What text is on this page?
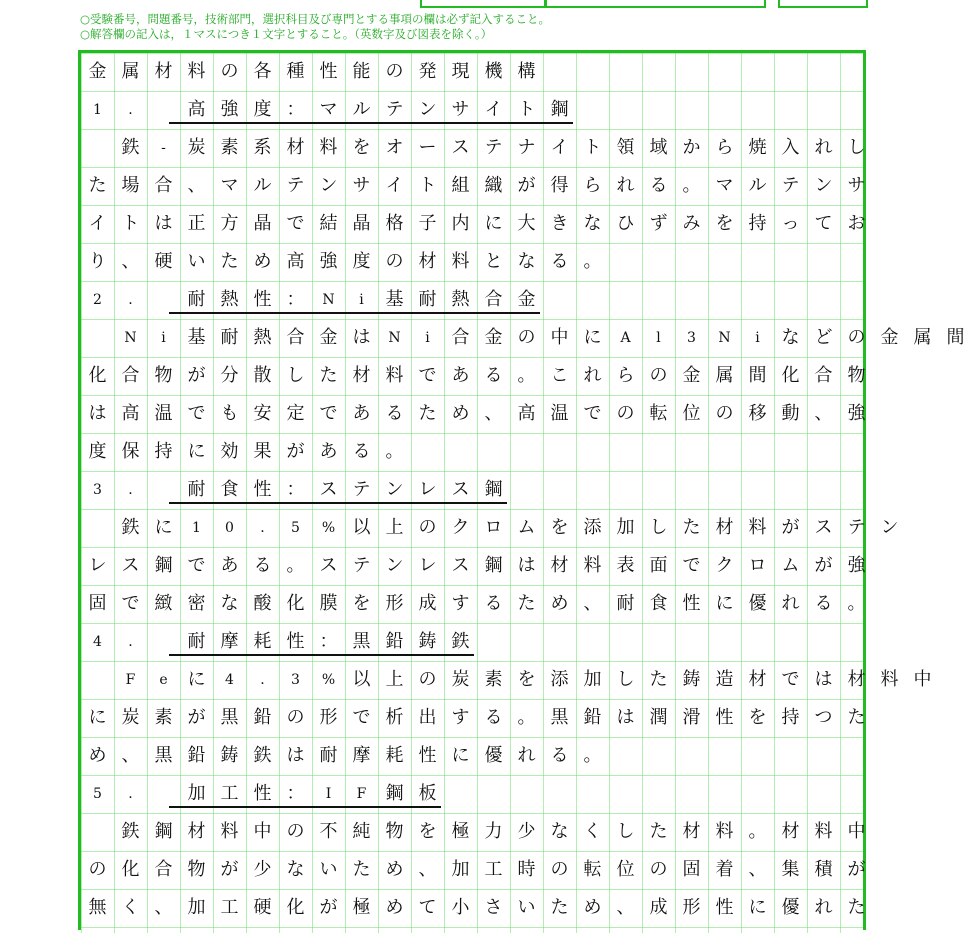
○受験番号，問題番号，技術部門，選択科目及び専門とする事項の欄は必ず記入すること。
○解答欄の記入は，１マスにつき１文字とすること。（英数字及び図表を除く。）
金 属 材 料 の 各 種 性 能 の 発 現 機 構
1	.	高 強 度 ： マ ル テ ン サ イ ト 鋼

鉄	-	炭 素 系 材 料 を オ ー ス テ ナ イ ト 領 域 か ら 焼 入 れ し
た 場 合 、 マ ル テ ン サ イ ト 組 織 が 得 ら れ る 。 マ ル テ ン サ
イ ト は 正 方 晶 で 結 晶 格 子 内 に 大 き な ひ ず み を 持 っ て お
り 、 硬 い た め 高 強 度 の 材 料 と な る 。
2	.	耐 熱 性 ：	N	i	基 耐 熱 合 金

N	i	基 耐 熱 合 金 は	N	i	合 金 の 中 に	A	l	3	N	i	な ど の 金 属 間
化 合 物 が 分 散 し た 材 料 で あ る 。 こ れ ら の 金 属 間 化 合 物
は 高 温 で も 安 定 で あ る た め 、 高 温 で の 転 位 の 移 動 、 強
度 保 持 に 効 果 が あ る 。
3	.	耐 食 性 ： ス テ ン レ ス 鋼

鉄 に	1	0	.	5	% 以 上 の ク ロ ム を 添 加 し た 材 料 が ス テ ン
レ ス 鋼 で あ る 。 ス テ ン レ ス 鋼 は 材 料 表 面 で ク ロ ム が 強
固 で 緻 密 な 酸 化 膜 を 形 成 す る た め 、 耐 食 性 に 優 れ る 。
4	.	耐 摩 耗 性 ： 黒 鉛 鋳 鉄

F	e	に	4	.	3	% 以 上 の 炭 素 を 添 加 し た 鋳 造 材 で は 材 料 中
に 炭 素 が 黒 鉛 の 形 で 析 出 す る 。 黒 鉛 は 潤 滑 性 を 持 つ た
め 、 黒 鉛 鋳 鉄 は 耐 摩 耗 性 に 優 れ る 。
5	.	加 工 性 ：	I	F	鋼 板

鉄 鋼 材 料 中 の 不 純 物 を 極 力 少 な く し た 材 料 。 材 料 中
の 化 合 物 が 少 な い た め 、 加 工 時 の 転 位 の 固 着 、 集 積 が
無 く 、 加 工 硬 化 が 極 め て 小 さ い た め 、 成 形 性 に 優 れ た
